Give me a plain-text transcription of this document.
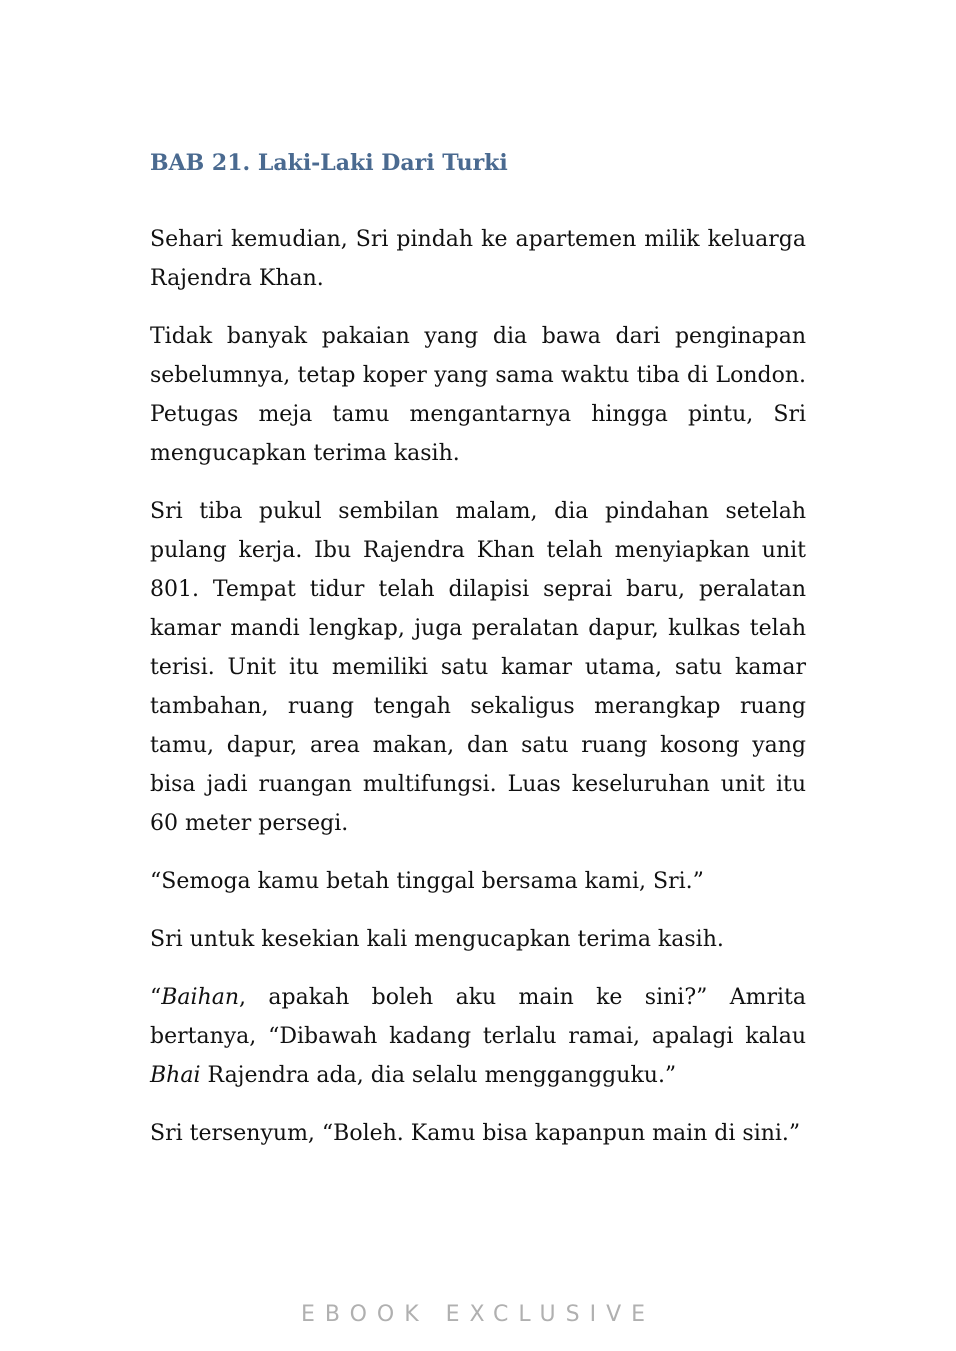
BAB 21. Laki-Laki Dari Turki

Sehari kemudian, Sri pindah ke apartemen milik keluarga Rajendra Khan.

Tidak banyak pakaian yang dia bawa dari penginapan sebelumnya, tetap koper yang sama waktu tiba di London. Petugas meja tamu mengantarnya hingga pintu, Sri mengucapkan terima kasih.

Sri tiba pukul sembilan malam, dia pindahan setelah pulang kerja. Ibu Rajendra Khan telah menyiapkan unit 801. Tempat tidur telah dilapisi seprai baru, peralatan kamar mandi lengkap, juga peralatan dapur, kulkas telah terisi. Unit itu memiliki satu kamar utama, satu kamar tambahan, ruang tengah sekaligus merangkap ruang tamu, dapur, area makan, dan satu ruang kosong yang bisa jadi ruangan multifungsi. Luas keseluruhan unit itu 60 meter persegi.

“Semoga kamu betah tinggal bersama kami, Sri.”

Sri untuk kesekian kali mengucapkan terima kasih.

“Baihan, apakah boleh aku main ke sini?” Amrita bertanya, “Dibawah kadang terlalu ramai, apalagi kalau Bhai Rajendra ada, dia selalu menggangguku.”

Sri tersenyum, “Boleh. Kamu bisa kapanpun main di sini.”

EBOOK EXCLUSIVE
